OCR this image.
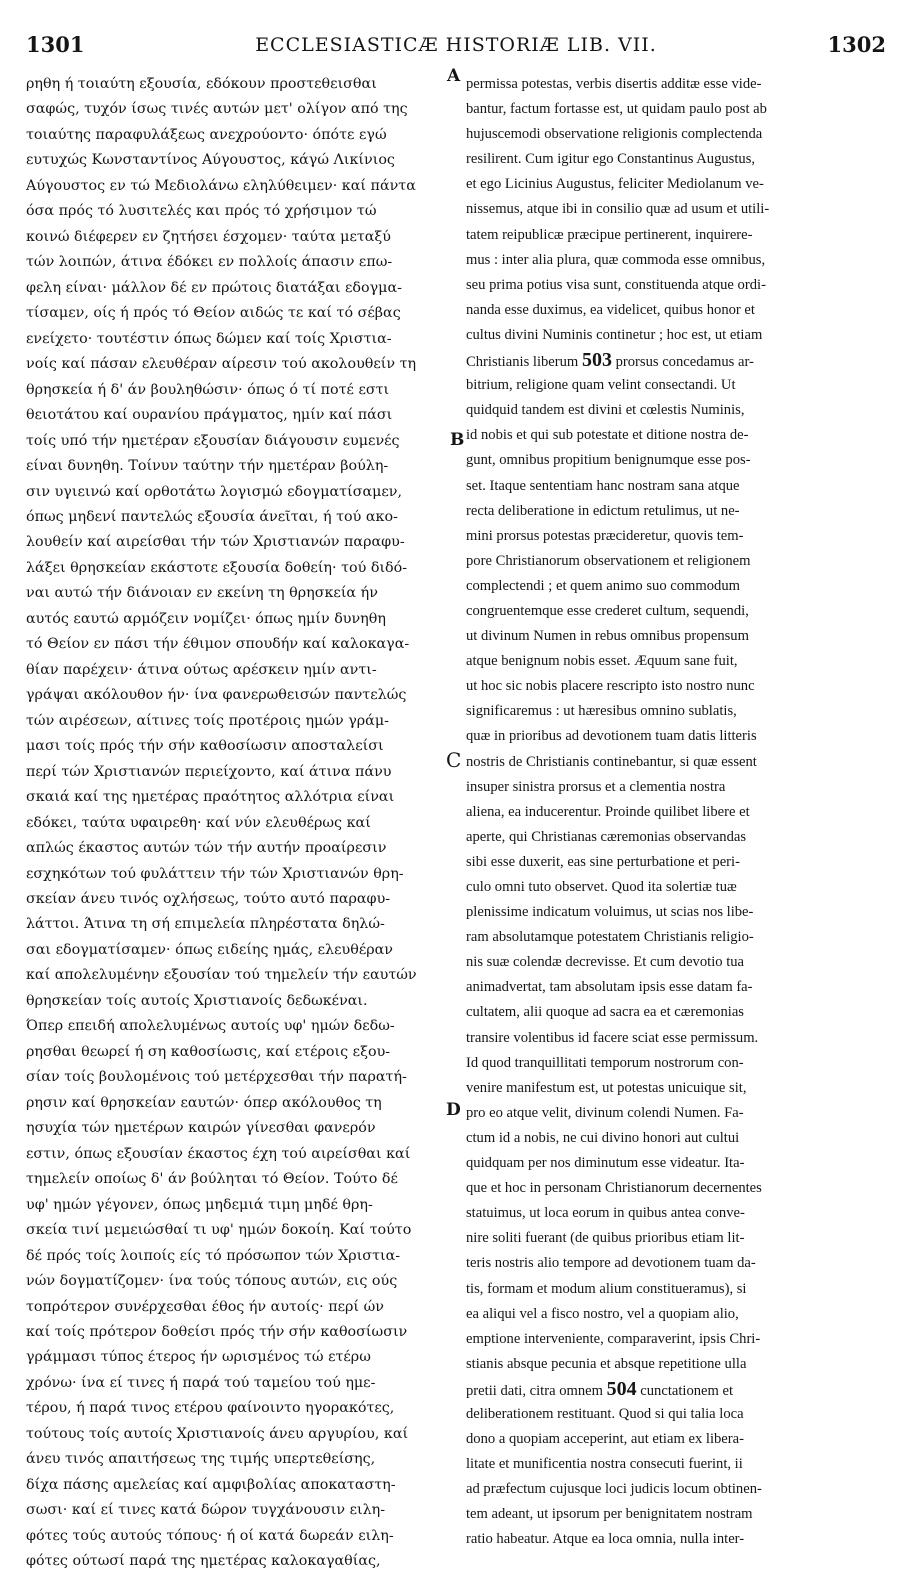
1301	ECCLESIASTICÆ HISTORIÆ LIB. VII.	1302
ρηθη ή τοιαύτη εξουσία, εδόκουν προστεθεισθαι
σαφώς, τυχόν ίσως τινές αυτών μετ' ολίγον από της
τοιαύτης παραφυλάξεως ανεχρούοντο· όπότε εγώ
ευτυχώς Κωνσταντίνος Αύγουστος, κάγώ Λικίνιος
Αύγουστος εν τώ Μεδιολάνω εληλύθειμεν· καί πάντα
όσα πρός τό λυσιτελές και πρός τό χρήσιμον τώ
κοινώ διέφερεν εν ζητήσει έσχομεν· ταύτα μεταξύ
τών λοιπών, άτινα έδόκει εν πολλοίς άπασιν επω-
φελη είναι· μάλλον δέ εν πρώτοις διατάξαι εδογμα-
τίσαμεν, οίς ή πρός τό Θείον αιδώς τε καί τό σέβας
ενείχετο· τουτέστιν όπως δώμεν καί τοίς Χριστια-
νοίς καί πάσαν ελευθέραν αίρεσιν τού ακολουθείν τη
θρησκεία ή δ' άν βουληθώσιν· όπως ό τί ποτέ εστι
θειοτάτου καί ουρανίου πράγματος, ημίν καί πάσι
τοίς υπό τήν ημετέραν εξουσίαν διάγουσιν ευμενές
είναι δυνηθη. Τοίνυν ταύτην τήν ημετέραν βούλη-
σιν υγιεινώ καί ορθοτάτω λογισμώ εδογματίσαμεν,
όπως μηδενί παντελώς εξουσία άνεῖται, ή τού ακο-
λουθείν καί αιρείσθαι τήν τών Χριστιανών παραφυ-
λάξει θρησκείαν εκάστοτε εξουσία δοθείη· τού διδό-
ναι αυτώ τήν διάνοιαν εν εκείνη τη θρησκεία ήν
αυτός εαυτώ αρμόζειν νομίζει· όπως ημίν δυνηθη
τό Θείον εν πάσι τήν έθιμον σπουδήν καί καλοκαγα-
θίαν παρέχειν· άτινα ούτως αρέσκειν ημίν αντι-
γράψαι ακόλουθον ήν· ίνα φανερωθεισών παντελώς
τών αιρέσεων, αίτινες τοίς προτέροις ημών γράμ-
μασι τοίς πρός τήν σήν καθοσίωσιν αποσταλείσι
περί τών Χριστιανών περιείχοντο, καί άτινα πάνυ
σκαιά καί της ημετέρας πραότητος αλλότρια είναι
εδόκει, ταύτα υφαιρεθη· καί νύν ελευθέρως καί
απλώς έκαστος αυτών τών τήν αυτήν προαίρεσιν
εσχηκότων τού φυλάττειν τήν τών Χριστιανών θρη-
σκείαν άνευ τινός οχλήσεως, τούτο αυτό παραφυ-
λάττοι. Άτινα τη σή επιμελεία πληρέστατα δηλώ-
σαι εδογματίσαμεν· όπως ειδείης ημάς, ελευθέραν
καί απολελυμένην εξουσίαν τού τημελείν τήν εαυτών
θρησκείαν τοίς αυτοίς Χριστιανοίς δεδωκέναι.
Όπερ επειδή απολελυμένως αυτοίς υφ' ημών δεδω-
ρησθαι θεωρεί ή ση καθοσίωσις, καί ετέροις εξου-
σίαν τοίς βουλομένοις τού μετέρχεσθαι τήν παρατή-
ρησιν καί θρησκείαν εαυτών· όπερ ακόλουθος τη
ησυχία τών ημετέρων καιρών γίνεσθαι φανερόν
εστιν, όπως εξουσίαν έκαστος έχη τού αιρείσθαι καί
τημελείν οποίως δ' άν βούληται τό Θείον. Τούτο δέ
υφ' ημών γέγονεν, όπως μηδεμιά τιμη μηδέ θρη-
σκεία τινί μεμειώσθαί τι υφ' ημών δοκοίη. Καί τούτο
δέ πρός τοίς λοιποίς είς τό πρόσωπον τών Χριστια-
νών δογματίζομεν· ίνα τούς τόπους αυτών, εις ούς
τοπρότερον συνέρχεσθαι έθος ήν αυτοίς· περί ών
καί τοίς πρότερον δοθείσι πρός τήν σήν καθοσίωσιν
γράμμασι τύπος έτερος ήν ωρισμένος τώ ετέρω
χρόνω· ίνα εί τινες ή παρά τού ταμείου τού ημε-
τέρου, ή παρά τινος ετέρου φαίνοιντο ηγορακότες,
τούτους τοίς αυτοίς Χριστιανοίς άνευ αργυρίου, καί
άνευ τινός απαιτήσεως της τιμής υπερτεθείσης,
δίχα πάσης αμελείας καί αμφιβολίας αποκαταστη-
σωσι· καί εί τινες κατά δώρον τυγχάνουσιν ειλη-
φότες τούς αυτούς τόπους· ή οί κατά δωρεάν ειλη-
φότες ούτωσί παρά της ημετέρας καλοκαγαθίας,
permissa potestas, verbis disertis additæ esse vide-
bantur, factum fortasse est, ut quidam paulo post ab
hujuscemodi observatione religionis complectenda
resilirent. Cum igitur ego Constantinus Augustus,
et ego Licinius Augustus, feliciter Mediolanum ve-
nissemus, atque ibi in consilio quæ ad usum et utili-
tatem reipublicæ præcipue pertinerent, inquirere-
mus : inter alia plura, quæ commoda esse omnibus,
seu prima potius visa sunt, constituenda atque ordi-
nanda esse duximus, ea videlicet, quibus honor et
cultus divini Numinis continetur ; hoc est, ut etiam
Christianis liberum 503 prorsus concedamus ar-
bitrium, religione quam velint consectandi. Ut
quidquid tandem est divini et cœlestis Numinis,
id nobis et qui sub potestate et ditione nostra de-
gunt, omnibus propitium benignumque esse pos-
set. Itaque sententiam hanc nostram sana atque
recta deliberatione in edictum retulimus, ut ne-
mini prorsus potestas præcideretur, quovis tem-
pore Christianorum observationem et religionem
complectendi ; et quem animo suo commodum
congruentemque esse crederet cultum, sequendi,
ut divinum Numen in rebus omnibus propensum
atque benignum nobis esset. Æquum sane fuit,
ut hoc sic nobis placere rescripto isto nostro nunc
significaremus : ut hæresibus omnino sublatis,
quæ in prioribus ad devotionem tuam datis litteris
nostris de Christianis continebantur, si quæ essent
insuper sinistra prorsus et a clementia nostra
aliena, ea inducerentur. Proinde quilibet libere et
aperte, qui Christianas cæremonias observandas
sibi esse duxerit, eas sine perturbatione et peri-
culo omni tuto observet. Quod ita solertiæ tuæ
plenissime indicatum voluimus, ut scias nos libe-
ram absolutamque potestatem Christianis religio-
nis suæ colendæ decrevisse. Et cum devotio tua
animadvertat, tam absolutam ipsis esse datam fa-
cultatem, alii quoque ad sacra ea et cæremonias
transire volentibus id facere sciat esse permissum.
Id quod tranquillitati temporum nostrorum con-
venire manifestum est, ut potestas unicuique sit,
pro eo atque velit, divinum colendi Numen. Fa-
ctum id a nobis, ne cui divino honori aut cultui
quidquam per nos diminutum esse videatur. Ita-
que et hoc in personam Christianorum decernentes
statuimus, ut loca eorum in quibus antea conve-
nire soliti fuerant (de quibus prioribus etiam lit-
teris nostris alio tempore ad devotionem tuam da-
tis, formam et modum alium constitueramus), si
ea aliqui vel a fisco nostro, vel a quopiam alio,
emptione interveniente, comparaverint, ipsis Chri-
stianis absque pecunia et absque repetitione ulla
pretii dati, citra omnem 504 cunctationem et
deliberationem restituant. Quod si qui talia loca
dono a quopiam acceperint, aut etiam ex libera-
litate et munificentia nostra consecuti fuerint, ii
ad præfectum cujusque loci judicis locum obtinen-
tem adeant, ut ipsorum per benignitatem nostram
ratio habeatur. Atque ea loca omnia, nulla inter-
A
B
C
D
